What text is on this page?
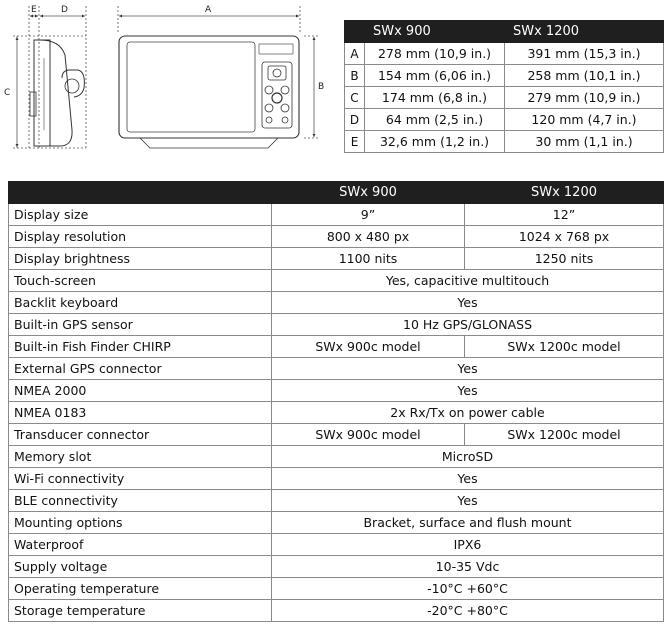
E	D	A
C
B
	SWx 900	SWx 1200
A	278 mm (10,9 in.)	391 mm (15,3 in.)
B	154 mm (6,06 in.)	258 mm (10,1 in.)
C	174 mm (6,8 in.)	279 mm (10,9 in.)
D	64 mm (2,5 in.)	120 mm (4,7 in.)
E	32,6 mm (1,2 in.)	30 mm (1,1 in.)
	SWx 900	SWx 1200
Display size	9”	12”
Display resolution	800 x 480 px	1024 x 768 px
Display brightness	1100 nits	1250 nits
Touch-screen	Yes, capacitive multitouch	
Backlit keyboard	Yes	
Built-in GPS sensor	10 Hz GPS/GLONASS	
Built-in Fish Finder CHIRP	SWx 900c model	SWx 1200c model
External GPS connector	Yes	
NMEA 2000	Yes	
NMEA 0183	2x Rx/Tx on power cable	
Transducer connector	SWx 900c model	SWx 1200c model
Memory slot	MicroSD	
Wi-Fi connectivity	Yes	
BLE connectivity	Yes	
Mounting options	Bracket, surface and flush mount	
Waterproof	IPX6	
Supply voltage	10-35 Vdc	
Operating temperature	-10°C +60°C	
Storage temperature	-20°C +80°C	
